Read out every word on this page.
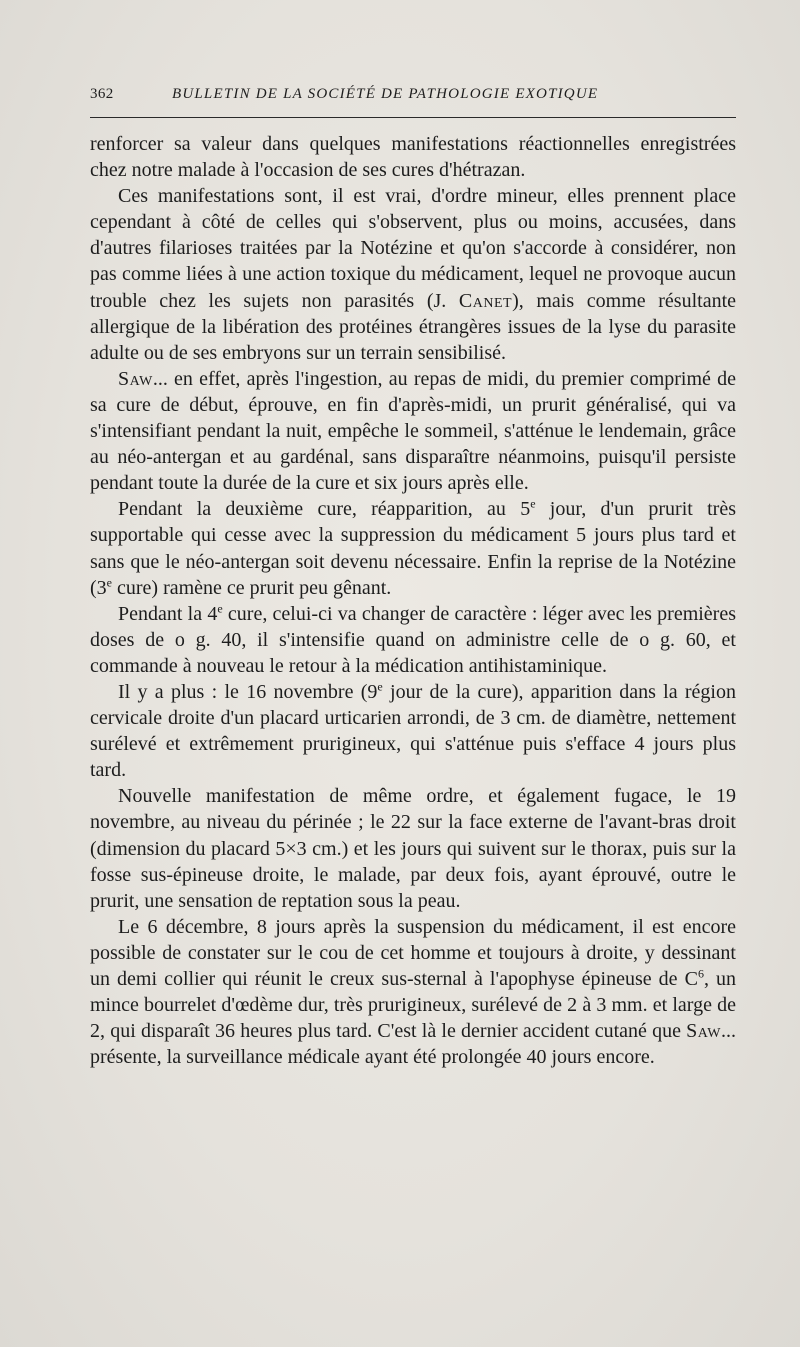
362	BULLETIN DE LA SOCIÉTÉ DE PATHOLOGIE EXOTIQUE

renforcer sa valeur dans quelques manifestations réactionnelles enregistrées chez notre malade à l'occasion de ses cures d'hétrazan.

Ces manifestations sont, il est vrai, d'ordre mineur, elles prennent place cependant à côté de celles qui s'observent, plus ou moins, accusées, dans d'autres filarioses traitées par la Notézine et qu'on s'accorde à considérer, non pas comme liées à une action toxique du médicament, lequel ne provoque aucun trouble chez les sujets non parasités (J. Canet), mais comme résultante allergique de la libération des protéines étrangères issues de la lyse du parasite adulte ou de ses embryons sur un terrain sensibilisé.

Saw... en effet, après l'ingestion, au repas de midi, du premier comprimé de sa cure de début, éprouve, en fin d'après-midi, un prurit généralisé, qui va s'intensifiant pendant la nuit, empêche le sommeil, s'atténue le lendemain, grâce au néo-antergan et au gardénal, sans disparaître néanmoins, puisqu'il persiste pendant toute la durée de la cure et six jours après elle.

Pendant la deuxième cure, réapparition, au 5e jour, d'un prurit très supportable qui cesse avec la suppression du médicament 5 jours plus tard et sans que le néo-antergan soit devenu nécessaire. Enfin la reprise de la Notézine (3e cure) ramène ce prurit peu gênant.

Pendant la 4e cure, celui-ci va changer de caractère : léger avec les premières doses de o g. 40, il s'intensifie quand on administre celle de o g. 60, et commande à nouveau le retour à la médication antihistaminique.

Il y a plus : le 16 novembre (9e jour de la cure), apparition dans la région cervicale droite d'un placard urticarien arrondi, de 3 cm. de diamètre, nettement surélevé et extrêmement prurigineux, qui s'atténue puis s'efface 4 jours plus tard.

Nouvelle manifestation de même ordre, et également fugace, le 19 novembre, au niveau du périnée ; le 22 sur la face externe de l'avant-bras droit (dimension du placard 5×3 cm.) et les jours qui suivent sur le thorax, puis sur la fosse sus-épineuse droite, le malade, par deux fois, ayant éprouvé, outre le prurit, une sensation de reptation sous la peau.

Le 6 décembre, 8 jours après la suspension du médicament, il est encore possible de constater sur le cou de cet homme et toujours à droite, y dessinant un demi collier qui réunit le creux sus-sternal à l'apophyse épineuse de $C^6$, un mince bourrelet d'œdème dur, très prurigineux, surélevé de 2 à 3 mm. et large de 2, qui disparaît 36 heures plus tard. C'est là le dernier accident cutané que Saw... présente, la surveillance médicale ayant été prolongée 40 jours encore.
